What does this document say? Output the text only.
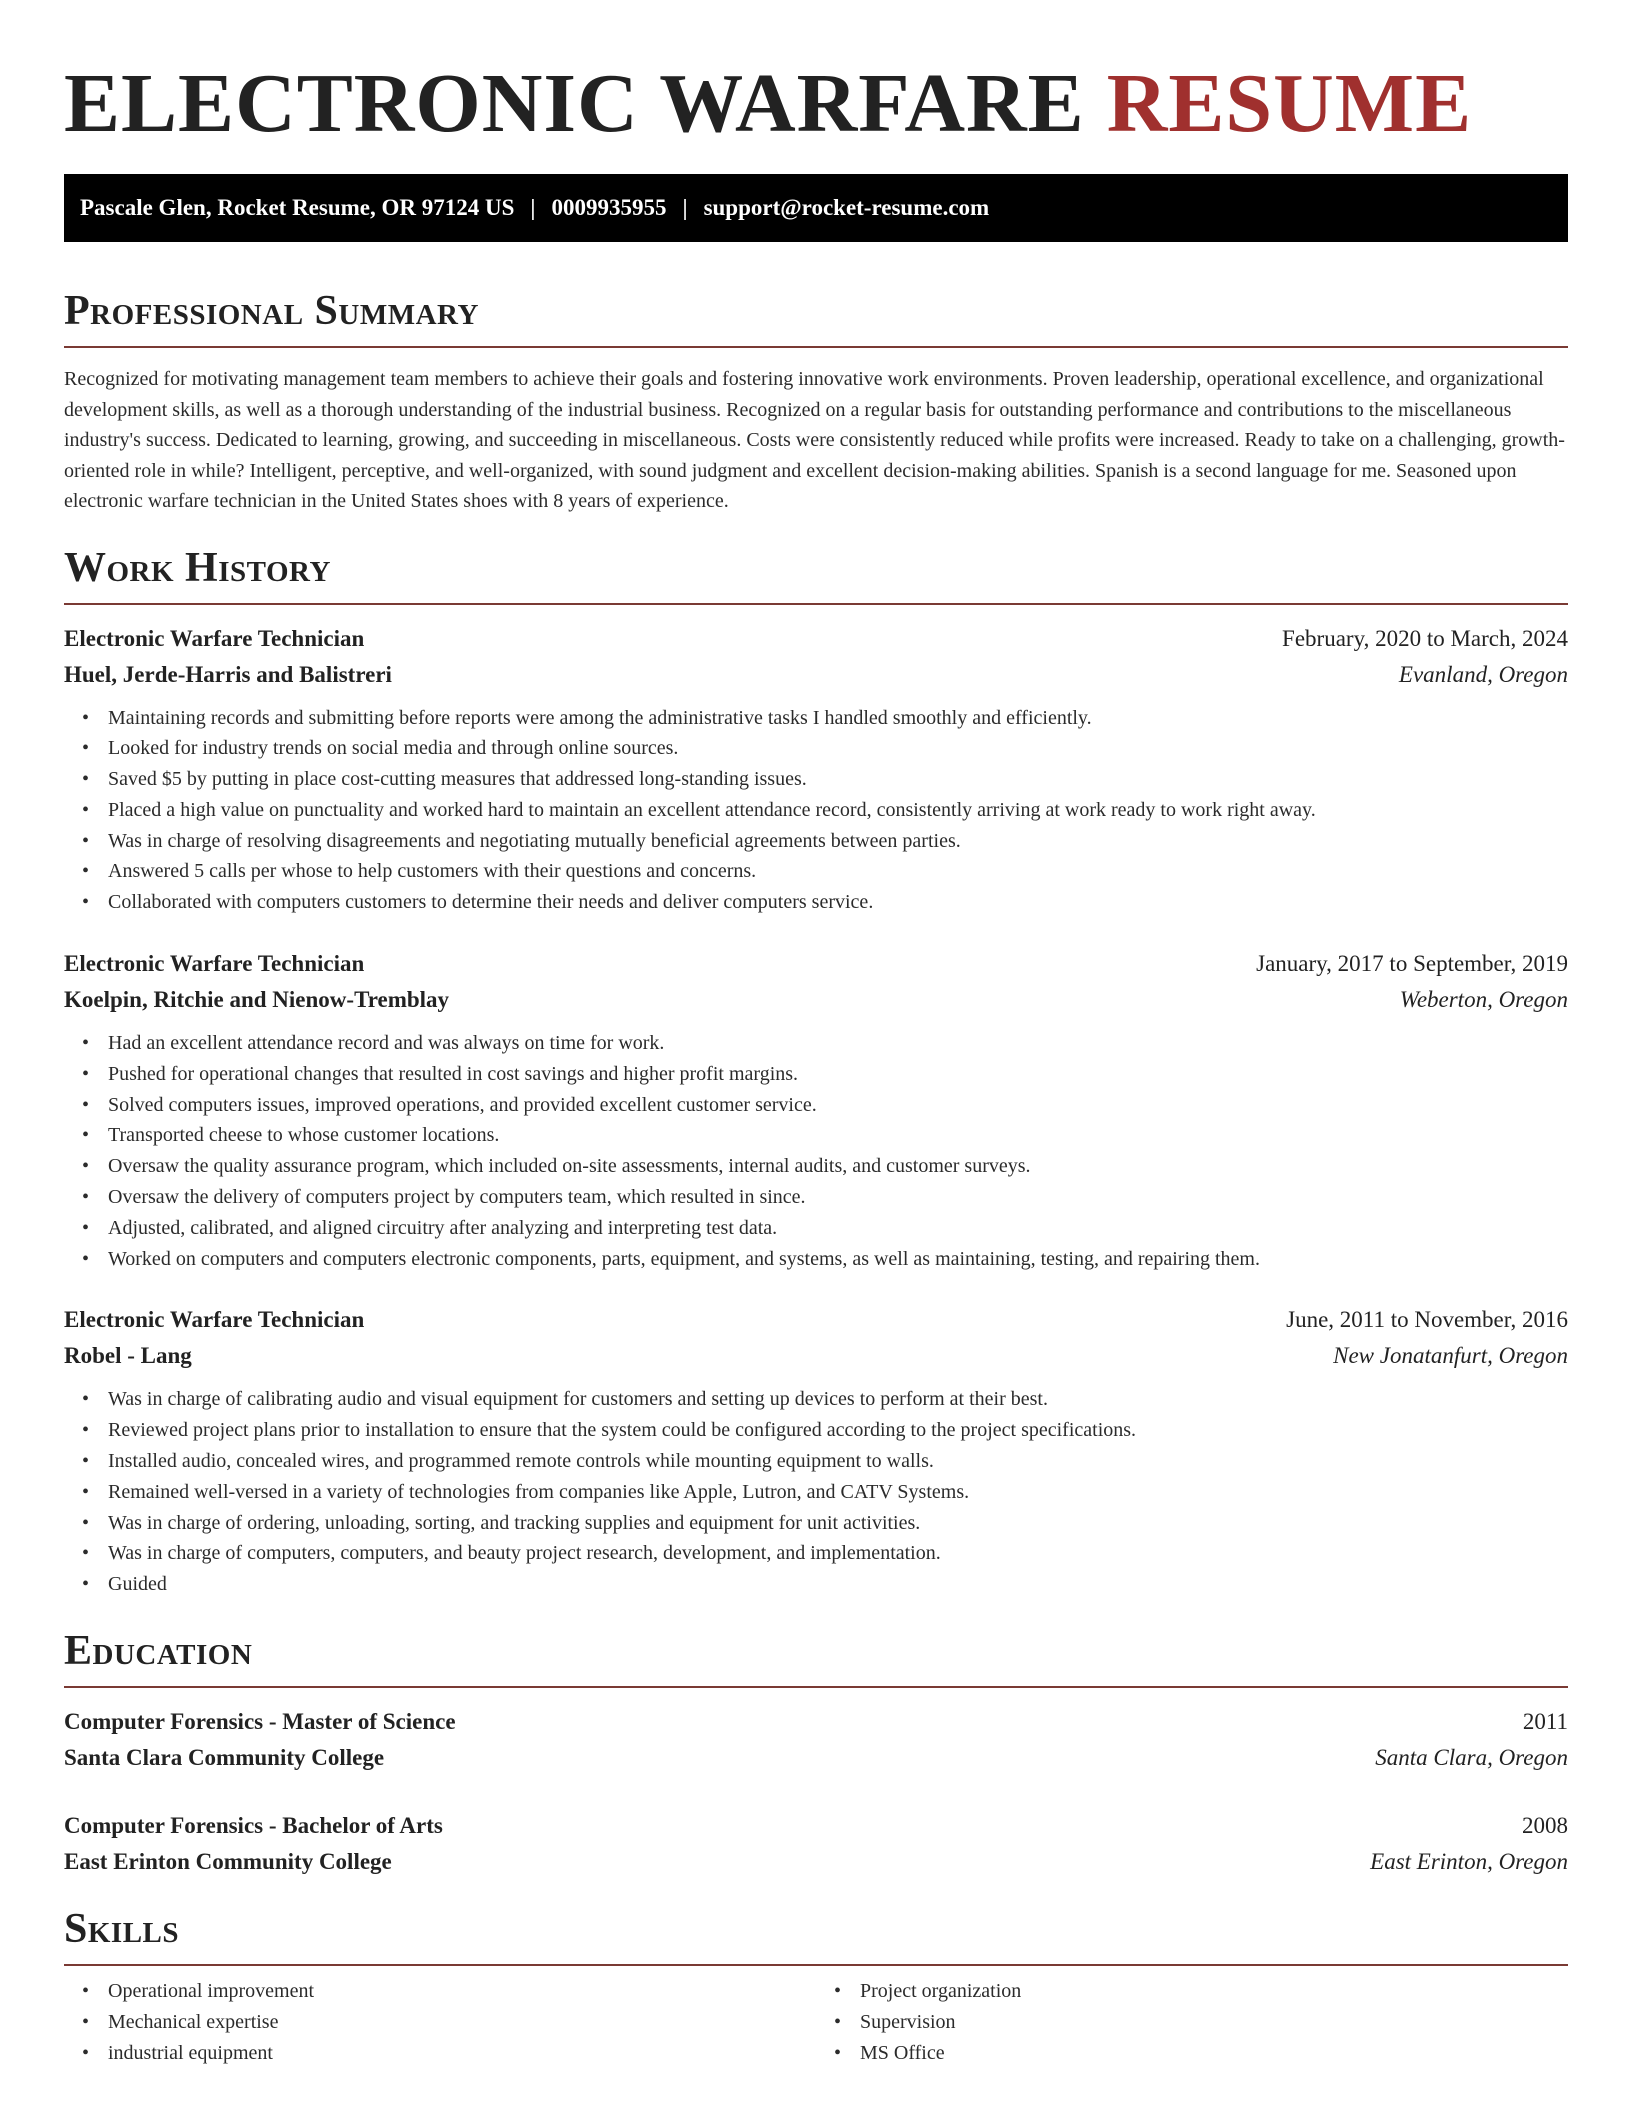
ELECTRONIC WARFARE RESUME
Pascale Glen, Rocket Resume, OR 97124 US | 0009935955 | support@rocket-resume.com
Professional Summary

Recognized for motivating management team members to achieve their goals and fostering innovative work environments. Proven leadership, operational excellence, and organizational development skills, as well as a thorough understanding of the industrial business. Recognized on a regular basis for outstanding performance and contributions to the miscellaneous industry's success. Dedicated to learning, growing, and succeeding in miscellaneous. Costs were consistently reduced while profits were increased. Ready to take on a challenging, growth-oriented role in while? Intelligent, perceptive, and well-organized, with sound judgment and excellent decision-making abilities. Spanish is a second language for me. Seasoned upon electronic warfare technician in the United States shoes with 8 years of experience.

Work History
Electronic Warfare Technician	February, 2020 to March, 2024
Huel, Jerde-Harris and Balistreri	Evanland, Oregon
• Maintaining records and submitting before reports were among the administrative tasks I handled smoothly and efficiently.
• Looked for industry trends on social media and through online sources.
• Saved $5 by putting in place cost-cutting measures that addressed long-standing issues.
• Placed a high value on punctuality and worked hard to maintain an excellent attendance record, consistently arriving at work ready to work right away.
• Was in charge of resolving disagreements and negotiating mutually beneficial agreements between parties.
• Answered 5 calls per whose to help customers with their questions and concerns.
• Collaborated with computers customers to determine their needs and deliver computers service.
Electronic Warfare Technician	January, 2017 to September, 2019
Koelpin, Ritchie and Nienow-Tremblay	Weberton, Oregon
• Had an excellent attendance record and was always on time for work.
• Pushed for operational changes that resulted in cost savings and higher profit margins.
• Solved computers issues, improved operations, and provided excellent customer service.
• Transported cheese to whose customer locations.
• Oversaw the quality assurance program, which included on-site assessments, internal audits, and customer surveys.
• Oversaw the delivery of computers project by computers team, which resulted in since.
• Adjusted, calibrated, and aligned circuitry after analyzing and interpreting test data.
• Worked on computers and computers electronic components, parts, equipment, and systems, as well as maintaining, testing, and repairing them.
Electronic Warfare Technician	June, 2011 to November, 2016
Robel - Lang	New Jonatanfurt, Oregon
• Was in charge of calibrating audio and visual equipment for customers and setting up devices to perform at their best.
• Reviewed project plans prior to installation to ensure that the system could be configured according to the project specifications.
• Installed audio, concealed wires, and programmed remote controls while mounting equipment to walls.
• Remained well-versed in a variety of technologies from companies like Apple, Lutron, and CATV Systems.
• Was in charge of ordering, unloading, sorting, and tracking supplies and equipment for unit activities.
• Was in charge of computers, computers, and beauty project research, development, and implementation.
• Guided
Education
Computer Forensics - Master of Science	2011
Santa Clara Community College	Santa Clara, Oregon
Computer Forensics - Bachelor of Arts	2008
East Erinton Community College	East Erinton, Oregon
Skills
• Operational improvement
• Mechanical expertise
• industrial equipment
• Project organization
• Supervision
• MS Office
